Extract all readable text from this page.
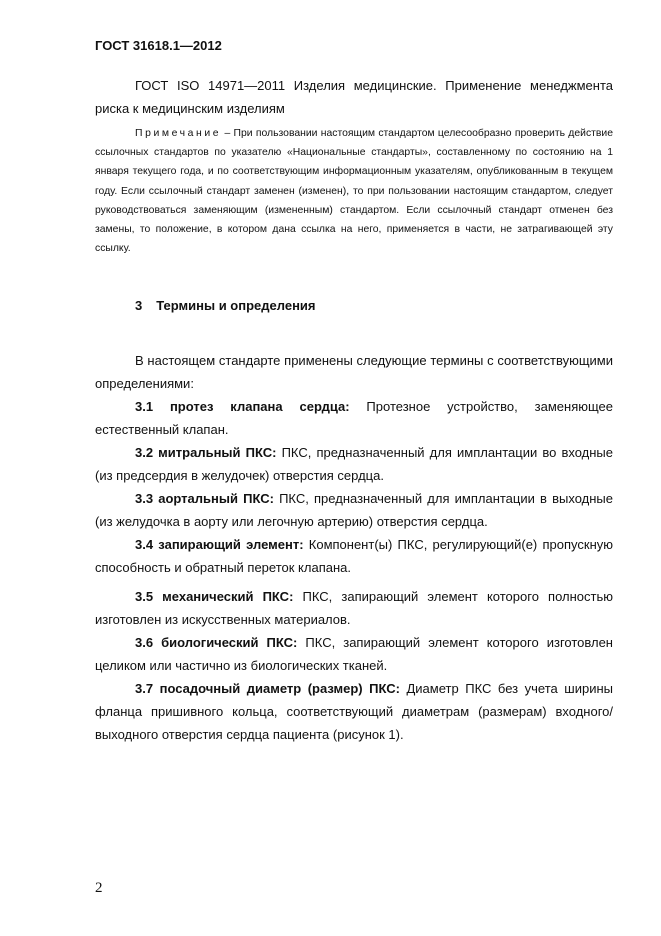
ГОСТ 31618.1—2012

ГОСТ ISO 14971—2011 Изделия медицинские. Применение менеджмента риска к медицинским изделиям

Примечание – При пользовании настоящим стандартом целесообразно проверить действие ссылочных стандартов по указателю «Национальные стандарты», составленному по состоянию на 1 января текущего года, и по соответствующим информационным указателям, опубликованным в текущем году. Если ссылочный стандарт заменен (изменен), то при пользовании настоящим стандартом, следует руководствоваться заменяющим (измененным) стандартом. Если ссылочный стандарт отменен без замены, то положение, в котором дана ссылка на него, применяется в части, не затрагивающей эту ссылку.

3 Термины и определения

В настоящем стандарте применены следующие термины с соответствующими определениями:

3.1 протез клапана сердца: Протезное устройство, заменяющее естественный клапан.

3.2 митральный ПКС: ПКС, предназначенный для имплантации во входные (из предсердия в желудочек) отверстия сердца.

3.3 аортальный ПКС: ПКС, предназначенный для имплантации в выходные (из желудочка в аорту или легочную артерию) отверстия сердца.

3.4 запирающий элемент: Компонент(ы) ПКС, регулирующий(е) пропускную способность и обратный переток клапана.

3.5 механический ПКС: ПКС, запирающий элемент которого полностью изготовлен из искусственных материалов.

3.6 биологический ПКС: ПКС, запирающий элемент которого изготовлен целиком или частично из биологических тканей.

3.7 посадочный диаметр (размер) ПКС: Диаметр ПКС без учета ширины фланца пришивного кольца, соответствующий диаметрам (размерам) входного/выходного отверстия сердца пациента (рисунок 1).

2
